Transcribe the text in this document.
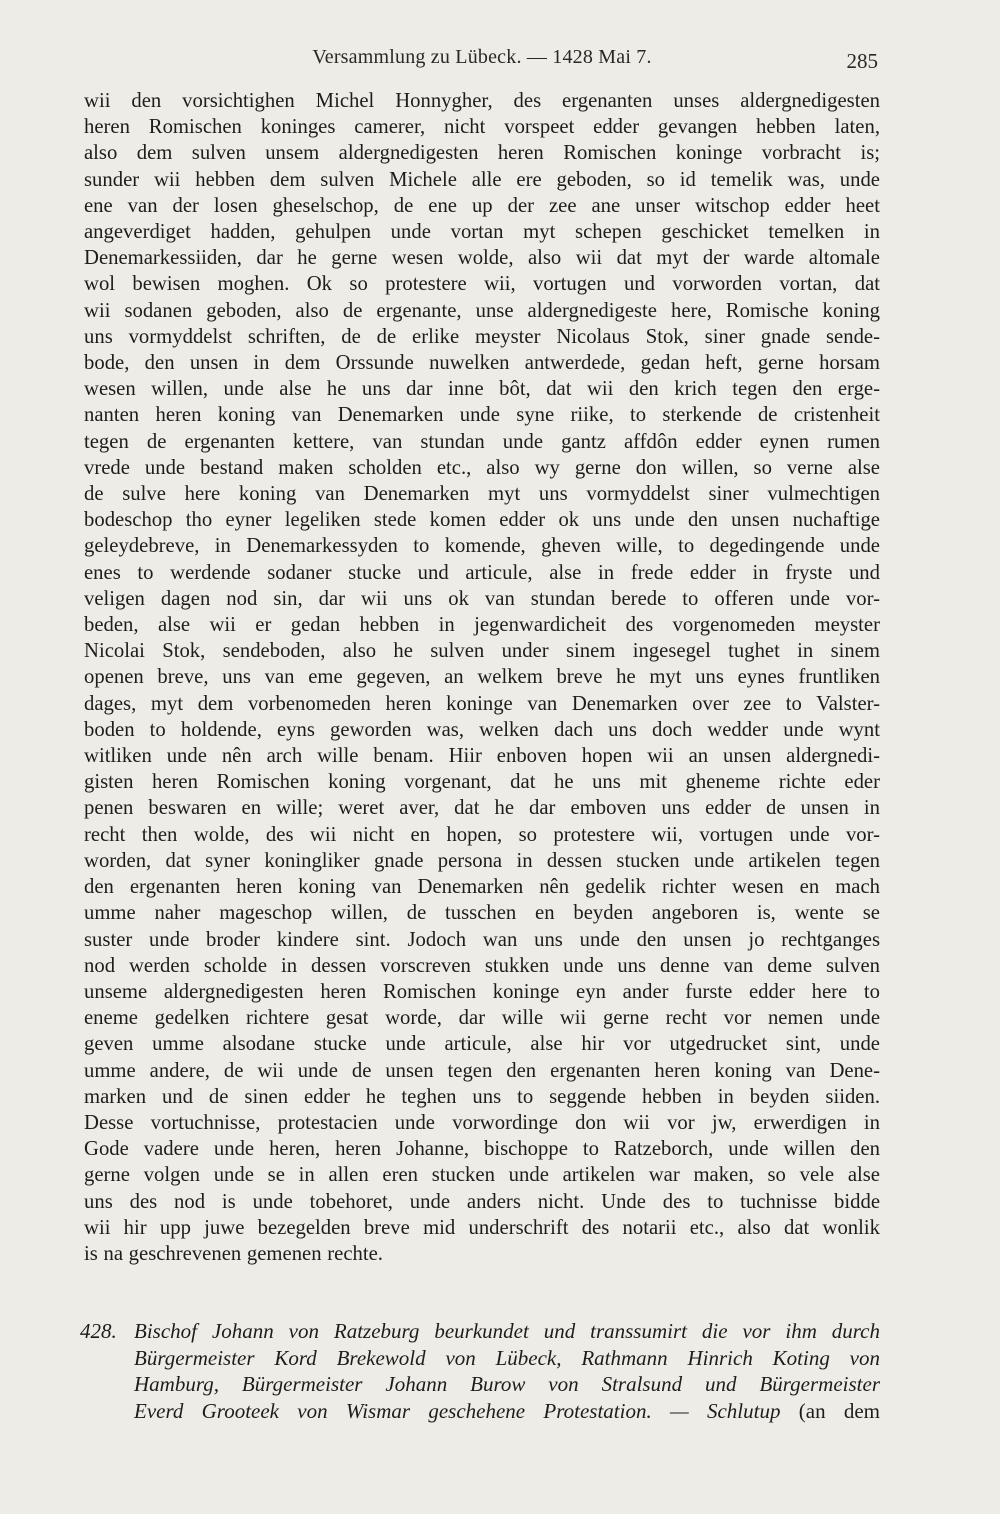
Versammlung zu Lübeck. — 1428 Mai 7.	285
wii den vorsichtighen Michel Honnygher, des ergenanten unses aldergnedigesten
heren Romischen koninges camerer, nicht vorspeet edder gevangen hebben laten,
also dem sulven unsem aldergnedigesten heren Romischen koninge vorbracht is;
sunder wii hebben dem sulven Michele alle ere geboden, so id temelik was, unde
ene van der losen gheselschop, de ene up der zee ane unser witschop edder heet
angeverdiget hadden, gehulpen unde vortan myt schepen geschicket temelken in
Denemarkessiiden, dar he gerne wesen wolde, also wii dat myt der warde altomale
wol bewisen moghen. Ok so protestere wii, vortugen und vorworden vortan, dat
wii sodanen geboden, also de ergenante, unse aldergnedigeste here, Romische koning
uns vormyddelst schriften, de de erlike meyster Nicolaus Stok, siner gnade sende-
bode, den unsen in dem Orssunde nuwelken antwerdede, gedan heft, gerne horsam
wesen willen, unde alse he uns dar inne bôt, dat wii den krich tegen den erge-
nanten heren koning van Denemarken unde syne riike, to sterkende de cristenheit
tegen de ergenanten kettere, van stundan unde gantz affdôn edder eynen rumen
vrede unde bestand maken scholden etc., also wy gerne don willen, so verne alse
de sulve here koning van Denemarken myt uns vormyddelst siner vulmechtigen
bodeschop tho eyner legeliken stede komen edder ok uns unde den unsen nuchaftige
geleydebreve, in Denemarkessyden to komende, gheven wille, to degedingende unde
enes to werdende sodaner stucke und articule, alse in frede edder in fryste und
veligen dagen nod sin, dar wii uns ok van stundan berede to offeren unde vor-
beden, alse wii er gedan hebben in jegenwardicheit des vorgenomeden meyster
Nicolai Stok, sendeboden, also he sulven under sinem ingesegel tughet in sinem
openen breve, uns van eme gegeven, an welkem breve he myt uns eynes fruntliken
dages, myt dem vorbenomeden heren koninge van Denemarken over zee to Valster-
boden to holdende, eyns geworden was, welken dach uns doch wedder unde wynt
witliken unde nên arch wille benam. Hiir enboven hopen wii an unsen aldergnedi-
gisten heren Romischen koning vorgenant, dat he uns mit gheneme richte eder
penen beswaren en wille; weret aver, dat he dar emboven uns edder de unsen in
recht then wolde, des wii nicht en hopen, so protestere wii, vortugen unde vor-
worden, dat syner koningliker gnade persona in dessen stucken unde artikelen tegen
den ergenanten heren koning van Denemarken nên gedelik richter wesen en mach
umme naher mageschop willen, de tusschen en beyden angeboren is, wente se
suster unde broder kindere sint. Jodoch wan uns unde den unsen jo rechtganges
nod werden scholde in dessen vorscreven stukken unde uns denne van deme sulven
unseme aldergnedigesten heren Romischen koninge eyn ander furste edder here to
eneme gedelken richtere gesat worde, dar wille wii gerne recht vor nemen unde
geven umme alsodane stucke unde articule, alse hir vor utgedrucket sint, unde
umme andere, de wii unde de unsen tegen den ergenanten heren koning van Dene-
marken und de sinen edder he teghen uns to seggende hebben in beyden siiden.
Desse vortuchnisse, protestacien unde vorwordinge don wii vor jw, erwerdigen in
Gode vadere unde heren, heren Johanne, bischoppe to Ratzeborch, unde willen den
gerne volgen unde se in allen eren stucken unde artikelen war maken, so vele alse
uns des nod is unde tobehoret, unde anders nicht. Unde des to tuchnisse bidde
wii hir upp juwe bezegelden breve mid underschrift des notarii etc., also dat wonlik
is na geschrevenen gemenen rechte.
428. Bischof Johann von Ratzeburg beurkundet und transsumirt die vor ihm durch
Bürgermeister Kord Brekewold von Lübeck, Rathmann Hinrich Koting von
Hamburg, Bürgermeister Johann Burow von Stralsund und Bürgermeister
Everd Grooteek von Wismar geschehene Protestation. — Schlutup (an dem
